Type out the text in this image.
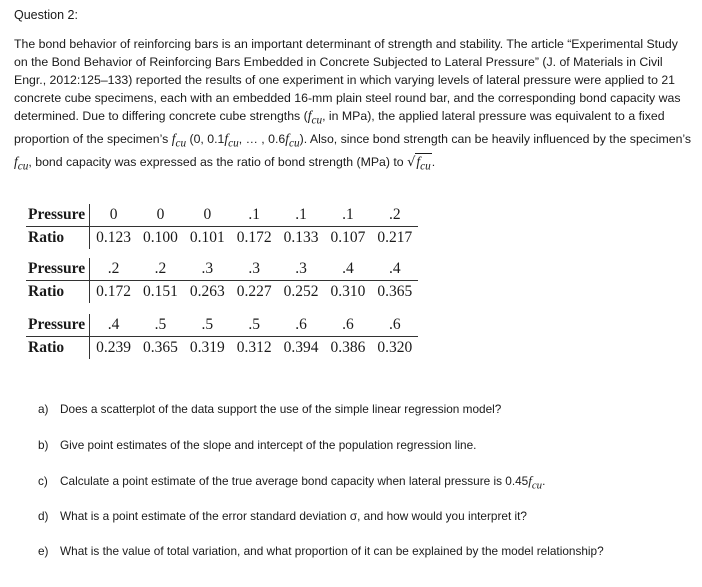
Question 2:
The bond behavior of reinforcing bars is an important determinant of strength and stability. The article “Experimental Study on the Bond Behavior of Reinforcing Bars Embedded in Concrete Subjected to Lateral Pressure” (J. of Materials in Civil Engr., 2012:125–133) reported the results of one experiment in which varying levels of lateral pressure were applied to 21 concrete cube specimens, each with an embedded 16-mm plain steel round bar, and the corresponding bond capacity was determined. Due to differing concrete cube strengths ($f_{cu}$, in MPa), the applied lateral pressure was equivalent to a fixed proportion of the specimen’s $f_{cu}$ (0, $0.1f_{cu}$, … , $0.6f_{cu}$). Also, since bond strength can be heavily influenced by the specimen’s $f_{cu}$, bond capacity was expressed as the ratio of bond strength (MPa) to $√f_{cu}$.
Pressure	0	0	0	.1	.1	.1	.2
Ratio	0.123	0.100	0.101	0.172	0.133	0.107	0.217
Pressure	.2	.2	.3	.3	.3	.4	.4
Ratio	0.172	0.151	0.263	0.227	0.252	0.310	0.365
Pressure	.4	.5	.5	.5	.6	.6	.6
Ratio	0.239	0.365	0.319	0.312	0.394	0.386	0.320
a) Does a scatterplot of the data support the use of the simple linear regression model?
b) Give point estimates of the slope and intercept of the population regression line.
c) Calculate a point estimate of the true average bond capacity when lateral pressure is $0.45f_{cu}$.
d) What is a point estimate of the error standard deviation σ, and how would you interpret it?
e) What is the value of total variation, and what proportion of it can be explained by the model relationship?
